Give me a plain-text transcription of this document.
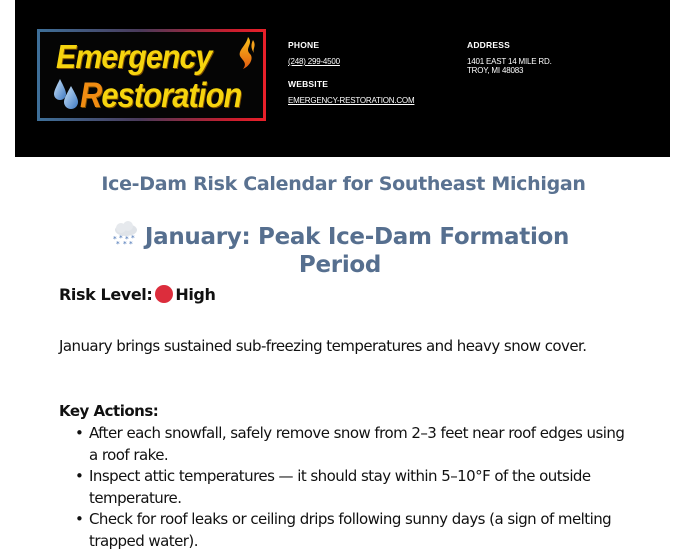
Emergency
Restoration
PHONE
(248) 299-4500
WEBSITE
EMERGENCY-RESTORATION.COM
ADDRESS
1401 EAST 14 MILE RD.
TROY, MI 48083
Ice-Dam Risk Calendar for Southeast Michigan
* * * *
* * * January: Peak Ice-Dam Formation Period
Risk Level: High
January brings sustained sub-freezing temperatures and heavy snow cover.
Key Actions:
• After each snowfall, safely remove snow from 2–3 feet near roof edges using a roof rake.
• Inspect attic temperatures — it should stay within 5–10°F of the outside temperature.
• Check for roof leaks or ceiling drips following sunny days (a sign of melting trapped water).
